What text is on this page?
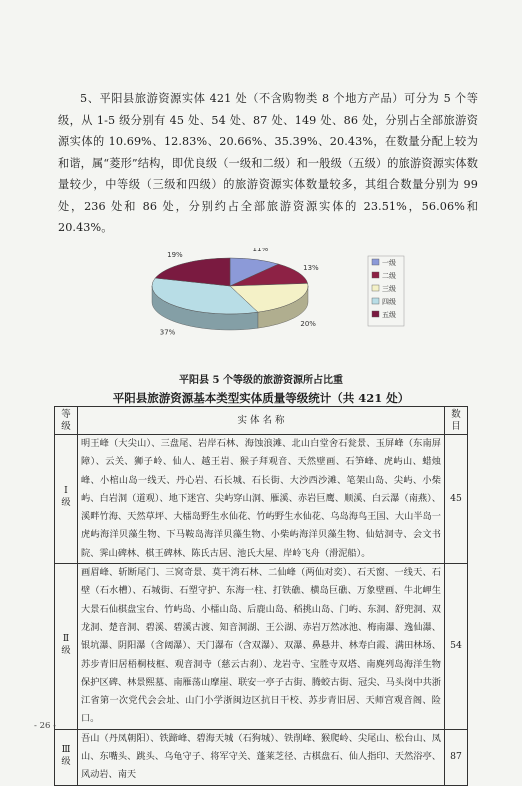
5、平阳县旅游资源实体 421 处（不含购物类 8 个地方产品）可分为 5 个等级，从 1-5 级分别有 45 处、54 处、87 处、149 处、86 处，分别占全部旅游资源实体的 10.69%、12.83%、20.66%、35.39%、20.43%，在数量分配上较为和谐，属“菱形”结构，即优良级（一级和二级）和一般级（五级）的旅游资源实体数量较少，中等级（三级和四级）的旅游资源实体数量较多，其组合数量分别为 99 处，236 处和 86 处，分别约占全部旅游资源实体的 23.51%，56.06%和 20.43%。
11%
13%
20%
37%
19%
一级
二级
三级
四级
五级
平阳县 5 个等级的旅游资源所占比重
平阳县旅游资源基本类型实体质量等级统计（共 421 处）
等级	实 体 名 称	数目
Ⅰ级	明王峰（大尖山）、三盘尾、岩岸石林、海蚀浪滩、北山白堂舍石瓮景、玉屏峰（东南屏障）、云关、狮子岭、仙人、越王岩、猴子拜观音、天然壁画、石笋峰、虎屿山、蜡烛峰、小棺山岛一线天、丹心岩、石长城、石长街、大沙西沙滩、笔架山岛、尖屿、小柴屿、白岩洞（道观）、地下迷宫、尖屿穿山洞、雁溪、赤岩巨鹰、顺溪、白云瀑（南燕）、溪畔竹海、天然草坪、大檑岛野生水仙花、竹屿野生水仙花、乌岛海鸟王国、大山半岛一虎屿海洋贝藻生物、下马鞍岛海洋贝藻生物、小柴屿海洋贝藻生物、仙姑洞寺、会文书院、霁山碑林、棋王碑林、陈氏古居、池氏大屋、岸岭飞舟（滑泥船）。	45
Ⅱ级	画眉峰、斩断尾门、三窝奇景、莫干湾石林、二仙峰（两仙对奕）、石天窗、一线天、石壁（石水槽）、石城街、石塑守护、东海一柱、打铁礁、横岛巨礁、万象壁画、牛北岬生大景石仙棋盘宝台、竹屿岛、小檑山岛、后鹿山岛、稻挑山岛、门屿、东洞、舒兜洞、双龙洞、楚音洞、碧溪、碧溪古渡、知音洞湖、王公湖、赤岩万然冰池、梅南瀑、逸仙瀑、银坑瀑、阴阳瀑（含阔瀑）、天门瀑布（含双瀑）、双瀑、鼻悬井、林寿白霞、满田林场、苏步青旧居梧桐枝框、观音洞寺（慈云古刹）、龙岩寺、宝胜寺双塔、南麂列岛海洋生物保护区碑、林景熙墓、南雁荡山摩崖、联安一亭子古街、腾蛟古街、冠尖、马头岗中共浙江省第一次党代会会址、山门小学浙闽边区抗日干校、苏步青旧居、天师宫观音阁、险口。	54
Ⅲ级	吾山（丹凤朝阳）、铁蹄峰、碧海天城（石狗城）、铁削峰、猴爬岭、尖尾山、松台山、凤山、东嘴头、跳头、乌龟守子、将军守关、蓬莱芝径、古棋盘石、仙人指印、天然浴亭、风动岩、南天	87
- 26 -
